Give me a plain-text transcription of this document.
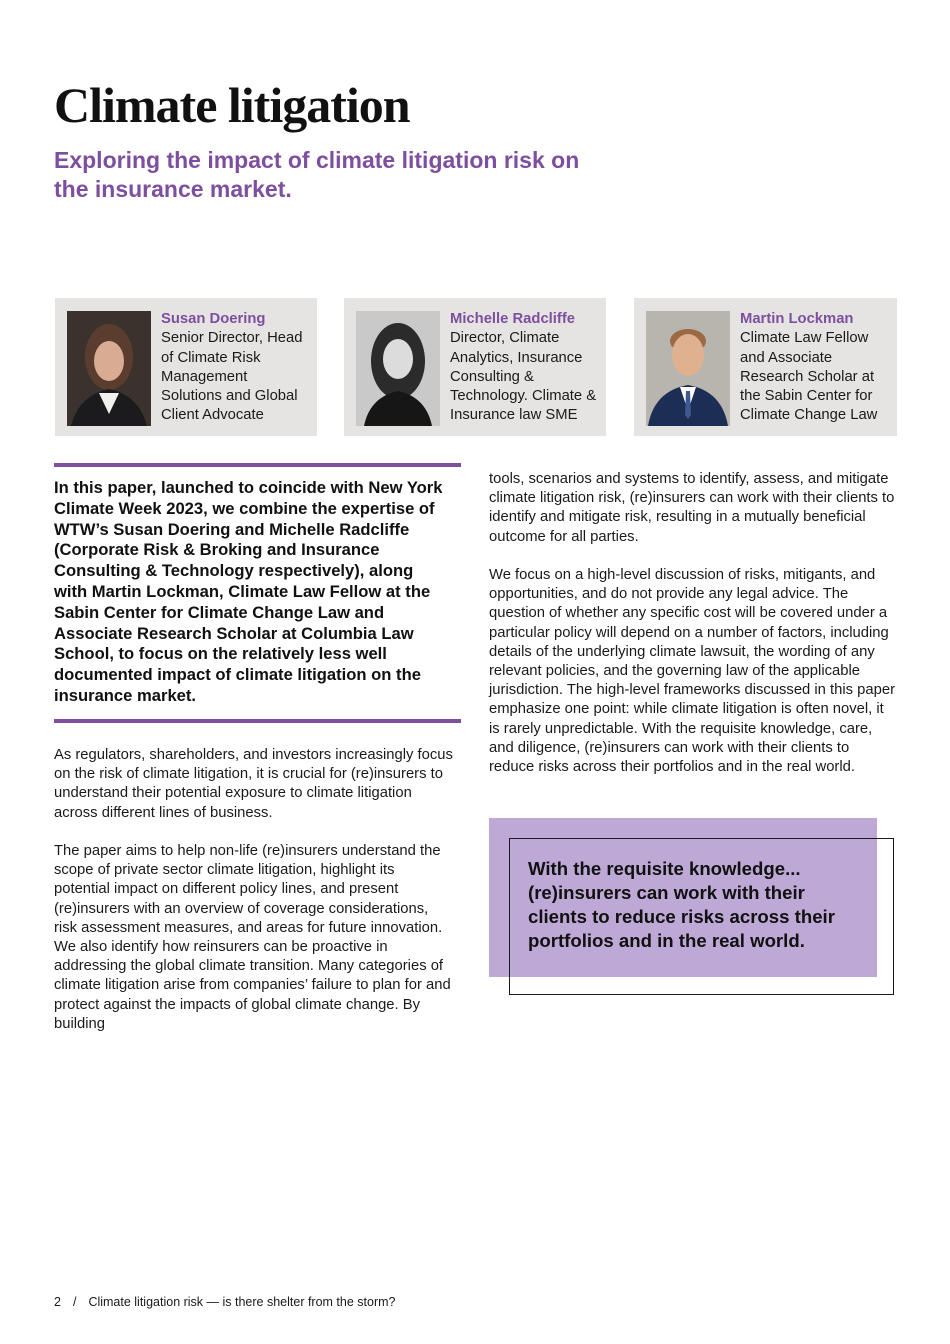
Climate litigation

Exploring the impact of climate litigation risk on the insurance market.

Susan Doering
Senior Director, Head of Climate Risk Management Solutions and Global Client Advocate
Michelle Radcliffe
Director, Climate Analytics, Insurance Consulting & Technology. Climate & Insurance law SME
Martin Lockman
Climate Law Fellow and Associate Research Scholar at the Sabin Center for Climate Change Law

In this paper, launched to coincide with New York Climate Week 2023, we combine the expertise of WTW’s Susan Doering and Michelle Radcliffe (Corporate Risk & Broking and Insurance Consulting & Technology respectively), along with Martin Lockman, Climate Law Fellow at the Sabin Center for Climate Change Law and Associate Research Scholar at Columbia Law School, to focus on the relatively less well documented impact of climate litigation on the insurance market.

As regulators, shareholders, and investors increasingly focus on the risk of climate litigation, it is crucial for (re)insurers to understand their potential exposure to climate litigation across different lines of business.

The paper aims to help non-life (re)insurers understand the scope of private sector climate litigation, highlight its potential impact on different policy lines, and present (re)insurers with an overview of coverage considerations, risk assessment measures, and areas for future innovation. We also identify how reinsurers can be proactive in addressing the global climate transition. Many categories of climate litigation arise from companies’ failure to plan for and protect against the impacts of global climate change. By building

tools, scenarios and systems to identify, assess, and mitigate climate litigation risk, (re)insurers can work with their clients to identify and mitigate risk, resulting in a mutually beneficial outcome for all parties.

We focus on a high-level discussion of risks, mitigants, and opportunities, and do not provide any legal advice. The question of whether any specific cost will be covered under a particular policy will depend on a number of factors, including details of the underlying climate lawsuit, the wording of any relevant policies, and the governing law of the applicable jurisdiction. The high-level frameworks discussed in this paper emphasize one point: while climate litigation is often novel, it is rarely unpredictable. With the requisite knowledge, care, and diligence, (re)insurers can work with their clients to reduce risks across their portfolios and in the real world.

With the requisite knowledge... (re)insurers can work with their clients to reduce risks across their portfolios and in the real world.

2 / Climate litigation risk — is there shelter from the storm?
